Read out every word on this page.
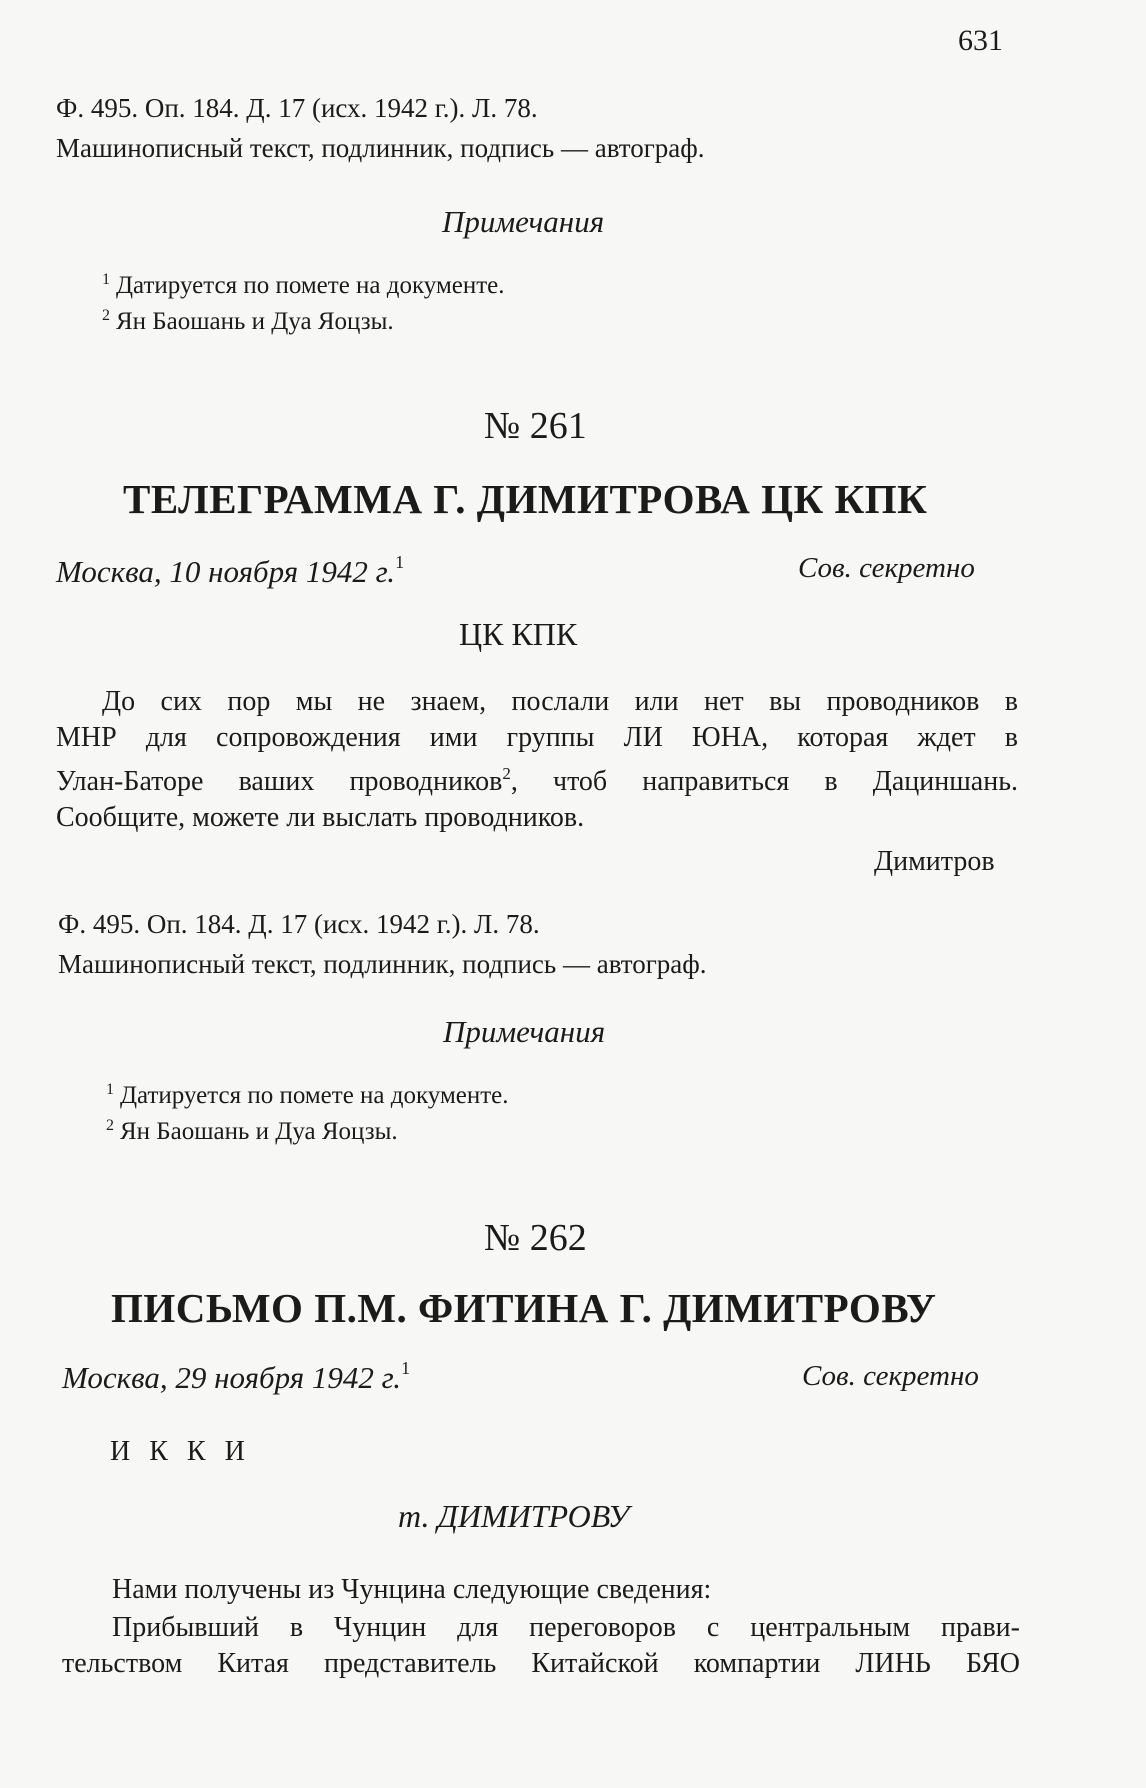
631
Ф. 495. Оп. 184. Д. 17 (исх. 1942 г.). Л. 78.
Машинописный текст, подлинник, подпись — автограф.
Примечания
$^1$ Датируется по помете на документе.
$^2$ Ян Баошань и Дуа Яоцзы.
№ 261
ТЕЛЕГРАММА Г. ДИМИТРОВА ЦК КПК
Москва, 10 ноября 1942 г.$^1$	Сов. секретно
ЦК КПК
До сих пор мы не знаем, послали или нет вы проводников в
МНР для сопровождения ими группы ЛИ ЮНА, которая ждет в
Улан-Баторе ваших проводников$^2$, чтоб направиться в Дациншань.
Сообщите, можете ли выслать проводников.
Димитров
Ф. 495. Оп. 184. Д. 17 (исх. 1942 г.). Л. 78.
Машинописный текст, подлинник, подпись — автограф.
Примечания
$^1$ Датируется по помете на документе.
$^2$ Ян Баошань и Дуа Яоцзы.
№ 262
ПИСЬМО П.М. ФИТИНА Г. ДИМИТРОВУ
Москва, 29 ноября 1942 г.$^1$	Сов. секретно
И К К И
т. ДИМИТРОВУ
Нами получены из Чунцина следующие сведения:
Прибывший в Чунцин для переговоров с центральным прави-
тельством Китая представитель Китайской компартии ЛИНЬ БЯО
